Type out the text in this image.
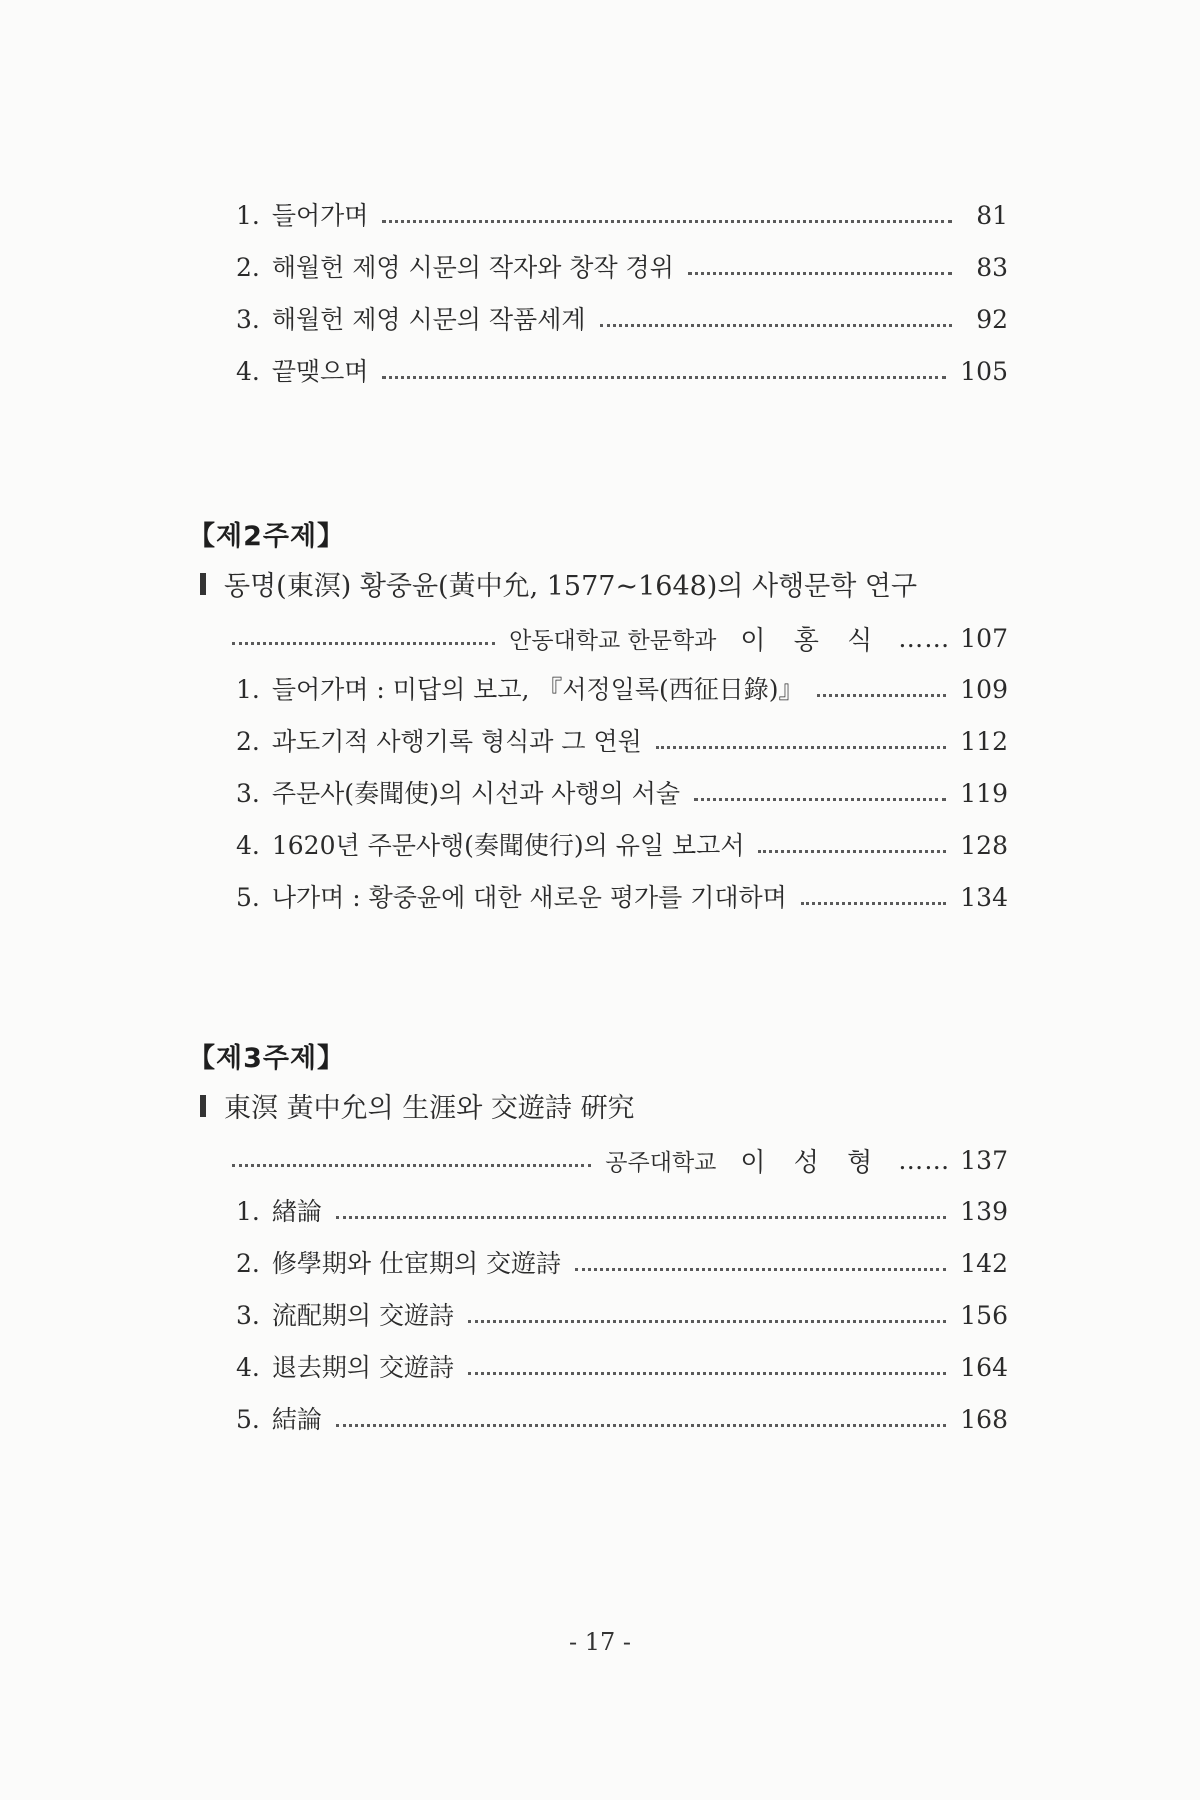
1. 들어가며	81
2. 해월헌 제영 시문의 작자와 창작 경위	83
3. 해월헌 제영 시문의 작품세계	92
4. 끝맺으며	105
【제2주제】
동명(東溟) 황중윤(黃中允, 1577~1648)의 사행문학 연구
안동대학교 한문학과 이 홍 식 …… 107
1. 들어가며 : 미답의 보고, 『서정일록(西征日錄)』	109
2. 과도기적 사행기록 형식과 그 연원	112
3. 주문사(奏聞使)의 시선과 사행의 서술	119
4. 1620년 주문사행(奏聞使行)의 유일 보고서	128
5. 나가며 : 황중윤에 대한 새로운 평가를 기대하며	134
【제3주제】
東溟 黃中允의 生涯와 交遊詩 硏究
공주대학교 이 성 형 …… 137
1. 緖論	139
2. 修學期와 仕宦期의 交遊詩	142
3. 流配期의 交遊詩	156
4. 退去期의 交遊詩	164
5. 結論	168
- 17 -
